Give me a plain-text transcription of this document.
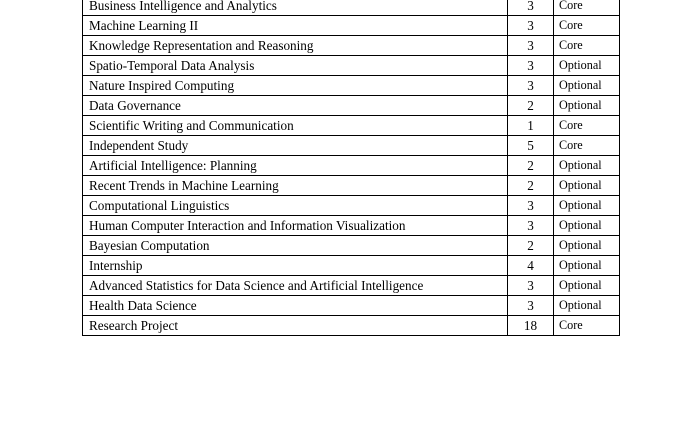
Business Intelligence and Analytics	3	Core
Machine Learning II	3	Core
Knowledge Representation and Reasoning	3	Core
Spatio-Temporal Data Analysis	3	Optional
Nature Inspired Computing	3	Optional
Data Governance	2	Optional
Scientific Writing and Communication	1	Core
Independent Study	5	Core
Artificial Intelligence: Planning	2	Optional
Recent Trends in Machine Learning	2	Optional
Computational Linguistics	3	Optional
Human Computer Interaction and Information Visualization	3	Optional
Bayesian Computation	2	Optional
Internship	4	Optional
Advanced Statistics for Data Science and Artificial Intelligence	3	Optional
Health Data Science	3	Optional
Research Project	18	Core
